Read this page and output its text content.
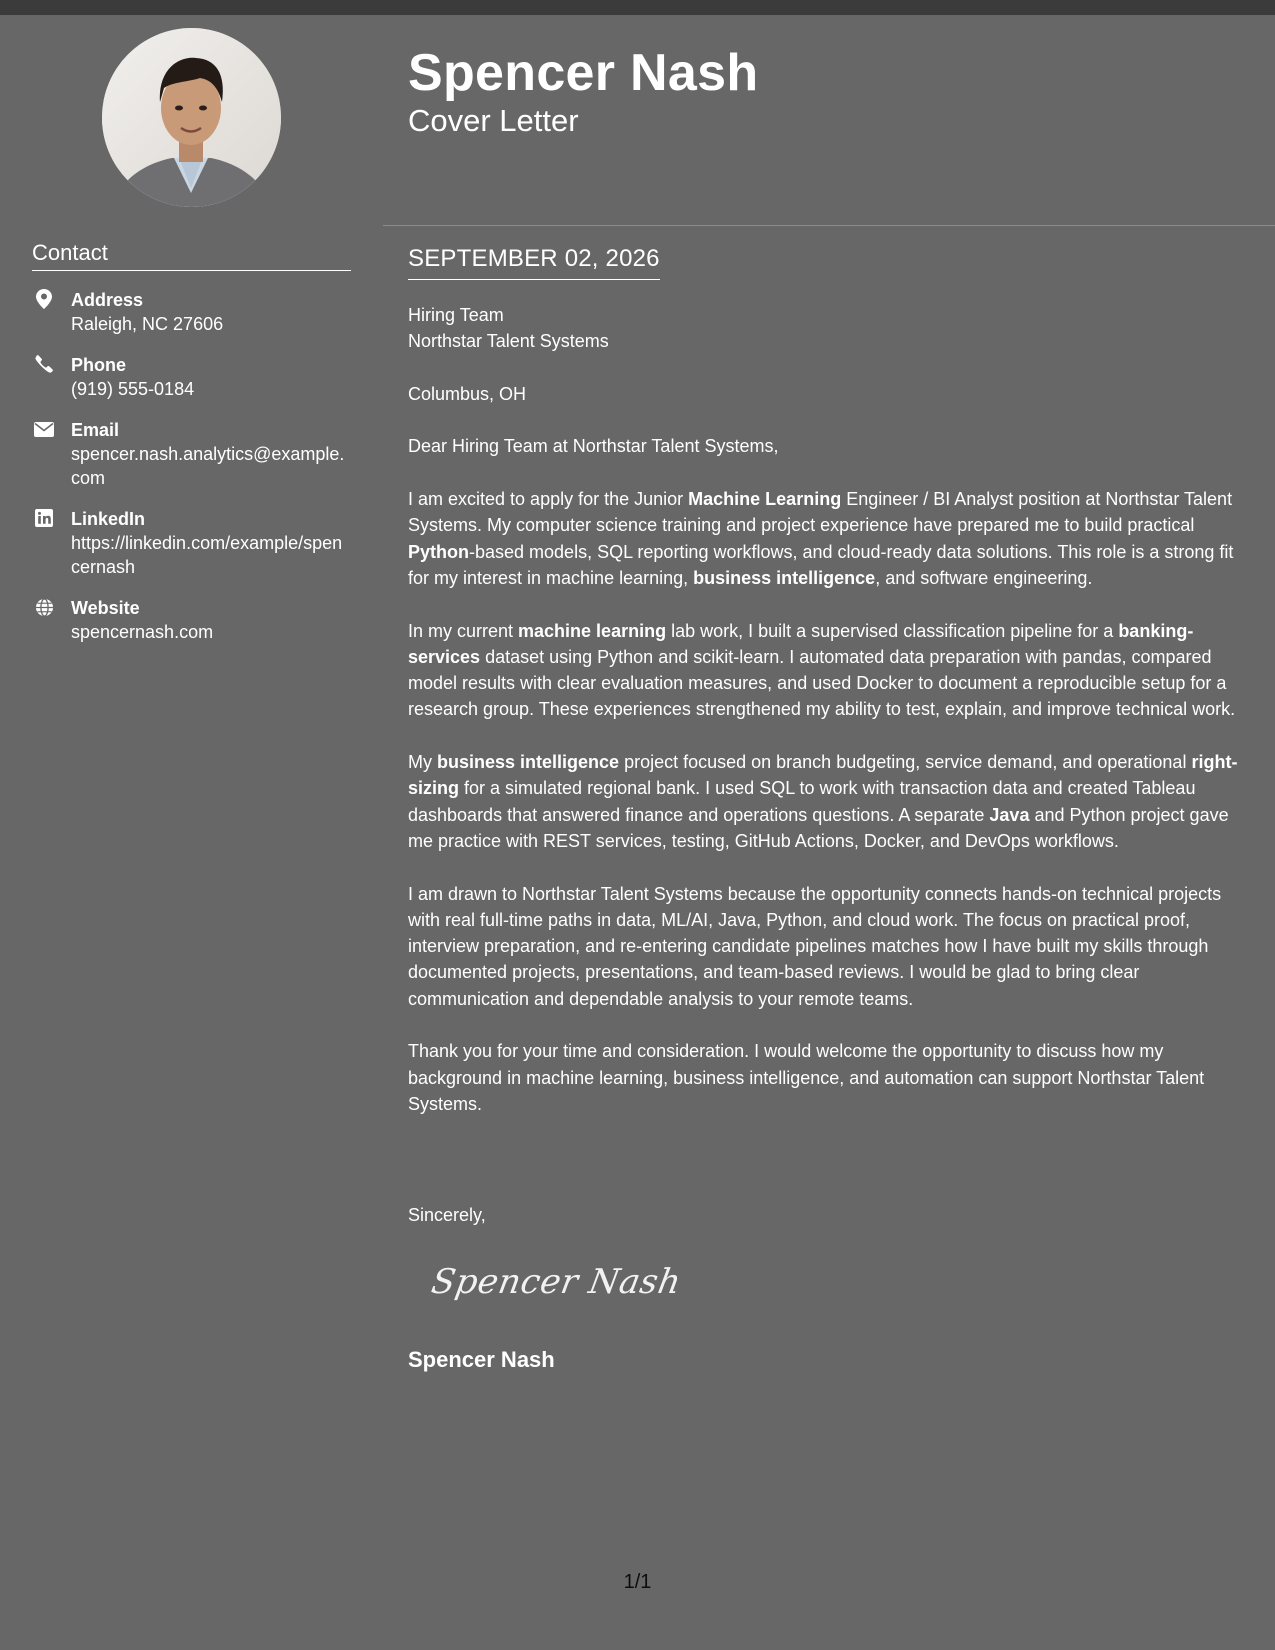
Contact
Address
Raleigh, NC 27606
Phone
(919) 555-0184
Email
spencer.nash.analytics@example.com
LinkedIn
https://linkedin.com/example/spencernash
Website
spencernash.com
Spencer Nash
Cover Letter
SEPTEMBER 02, 2026

Hiring Team

Northstar Talent Systems

Columbus, OH

Dear Hiring Team at Northstar Talent Systems,

I am excited to apply for the Junior Machine Learning Engineer / BI Analyst position at Northstar Talent Systems. My computer science training and project experience have prepared me to build practical Python-based models, SQL reporting workflows, and cloud-ready data solutions. This role is a strong fit for my interest in machine learning, business intelligence, and software engineering.

In my current machine learning lab work, I built a supervised classification pipeline for a banking-services dataset using Python and scikit-learn. I automated data preparation with pandas, compared model results with clear evaluation measures, and used Docker to document a reproducible setup for a research group. These experiences strengthened my ability to test, explain, and improve technical work.

My business intelligence project focused on branch budgeting, service demand, and operational right-sizing for a simulated regional bank. I used SQL to work with transaction data and created Tableau dashboards that answered finance and operations questions. A separate Java and Python project gave me practice with REST services, testing, GitHub Actions, Docker, and DevOps workflows.

I am drawn to Northstar Talent Systems because the opportunity connects hands-on technical projects with real full-time paths in data, ML/AI, Java, Python, and cloud work. The focus on practical proof, interview preparation, and re-entering candidate pipelines matches how I have built my skills through documented projects, presentations, and team-based reviews. I would be glad to bring clear communication and dependable analysis to your remote teams.

Thank you for your time and consideration. I would welcome the opportunity to discuss how my background in machine learning, business intelligence, and automation can support Northstar Talent Systems.

Sincerely,
Spencer Nash
Spencer Nash
1/1
